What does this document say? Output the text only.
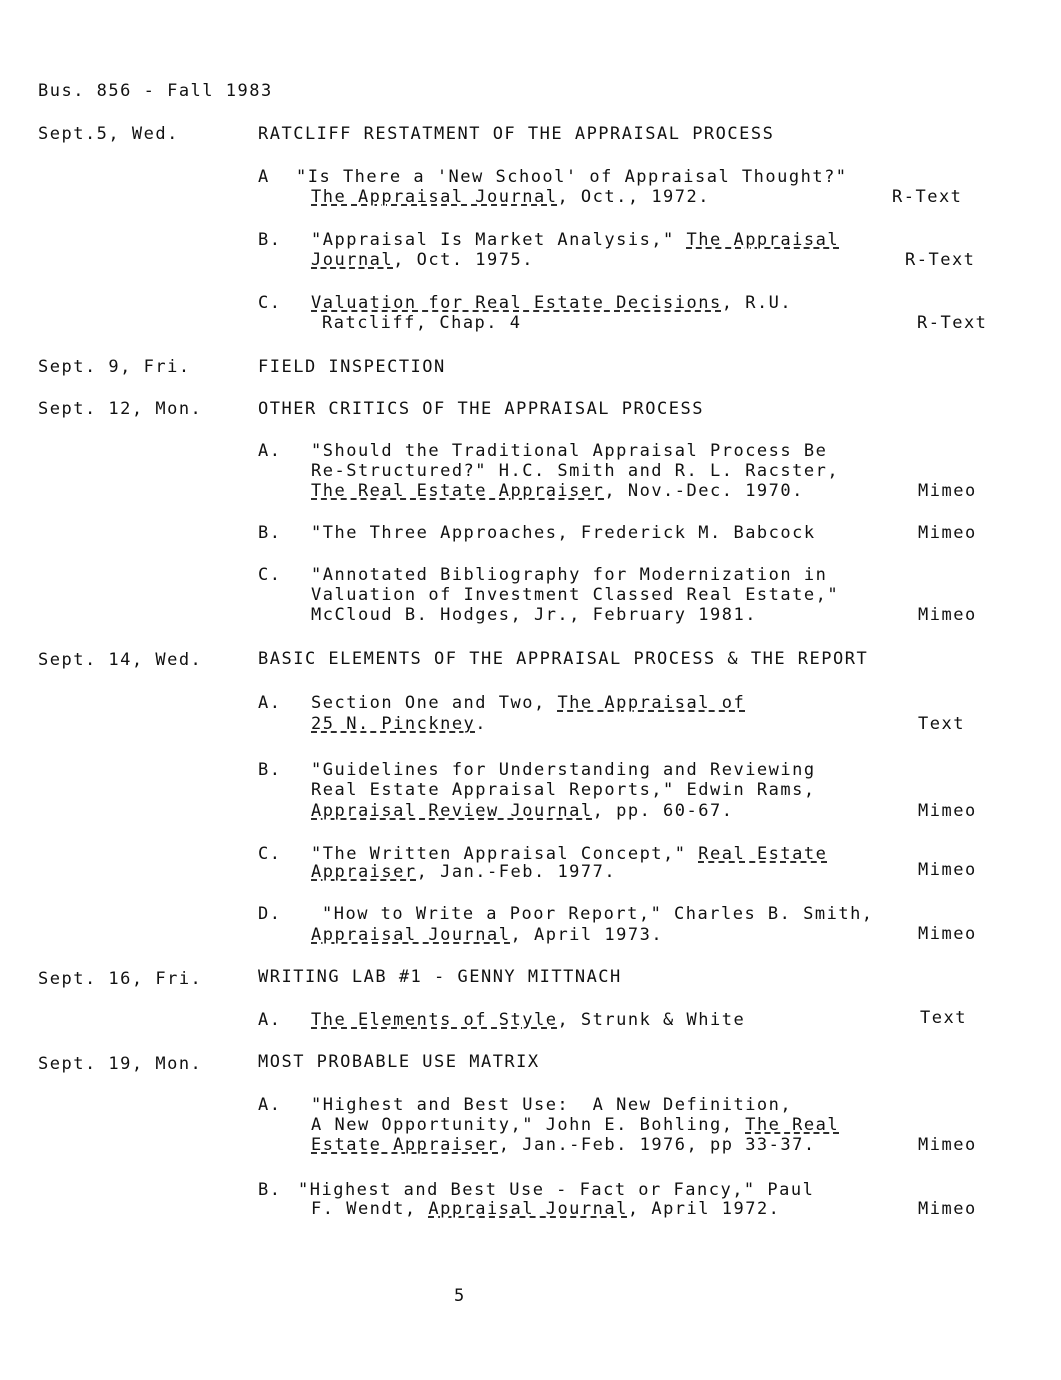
Bus. 856 - Fall 1983
Sept.5, Wed.	RATCLIFF RESTATMENT OF THE APPRAISAL PROCESS
A "Is There a 'New School' of Appraisal Thought?"
The Appraisal Journal, Oct., 1972.	R-Text
B. "Appraisal Is Market Analysis," The Appraisal
Journal, Oct. 1975.	R-Text
C. Valuation for Real Estate Decisions, R.U.
Ratcliff, Chap. 4	R-Text
Sept. 9, Fri.	FIELD INSPECTION
Sept. 12, Mon.	OTHER CRITICS OF THE APPRAISAL PROCESS
A. "Should the Traditional Appraisal Process Be
Re-Structured?" H.C. Smith and R. L. Racster,
The Real Estate Appraiser, Nov.-Dec. 1970.	Mimeo
B. "The Three Approaches, Frederick M. Babcock	Mimeo
C. "Annotated Bibliography for Modernization in
Valuation of Investment Classed Real Estate,"
McCloud B. Hodges, Jr., February 1981.	Mimeo
Sept. 14, Wed.	BASIC ELEMENTS OF THE APPRAISAL PROCESS & THE REPORT
A. Section One and Two, The Appraisal of
25 N. Pinckney.	Text
B. "Guidelines for Understanding and Reviewing
Real Estate Appraisal Reports," Edwin Rams,
Appraisal Review Journal, pp. 60-67.	Mimeo
C. "The Written Appraisal Concept," Real Estate
Appraiser, Jan.-Feb. 1977.	Mimeo
D. "How to Write a Poor Report," Charles B. Smith,
Appraisal Journal, April 1973.	Mimeo
Sept. 16, Fri.	WRITING LAB #1 - GENNY MITTNACH
A. The Elements of Style, Strunk & White	Text
Sept. 19, Mon.	MOST PROBABLE USE MATRIX
A. "Highest and Best Use:  A New Definition,
A New Opportunity," John E. Bohling, The Real
Estate Appraiser, Jan.-Feb. 1976, pp 33-37.	Mimeo
B. "Highest and Best Use - Fact or Fancy," Paul
F. Wendt, Appraisal Journal, April 1972.	Mimeo
5
